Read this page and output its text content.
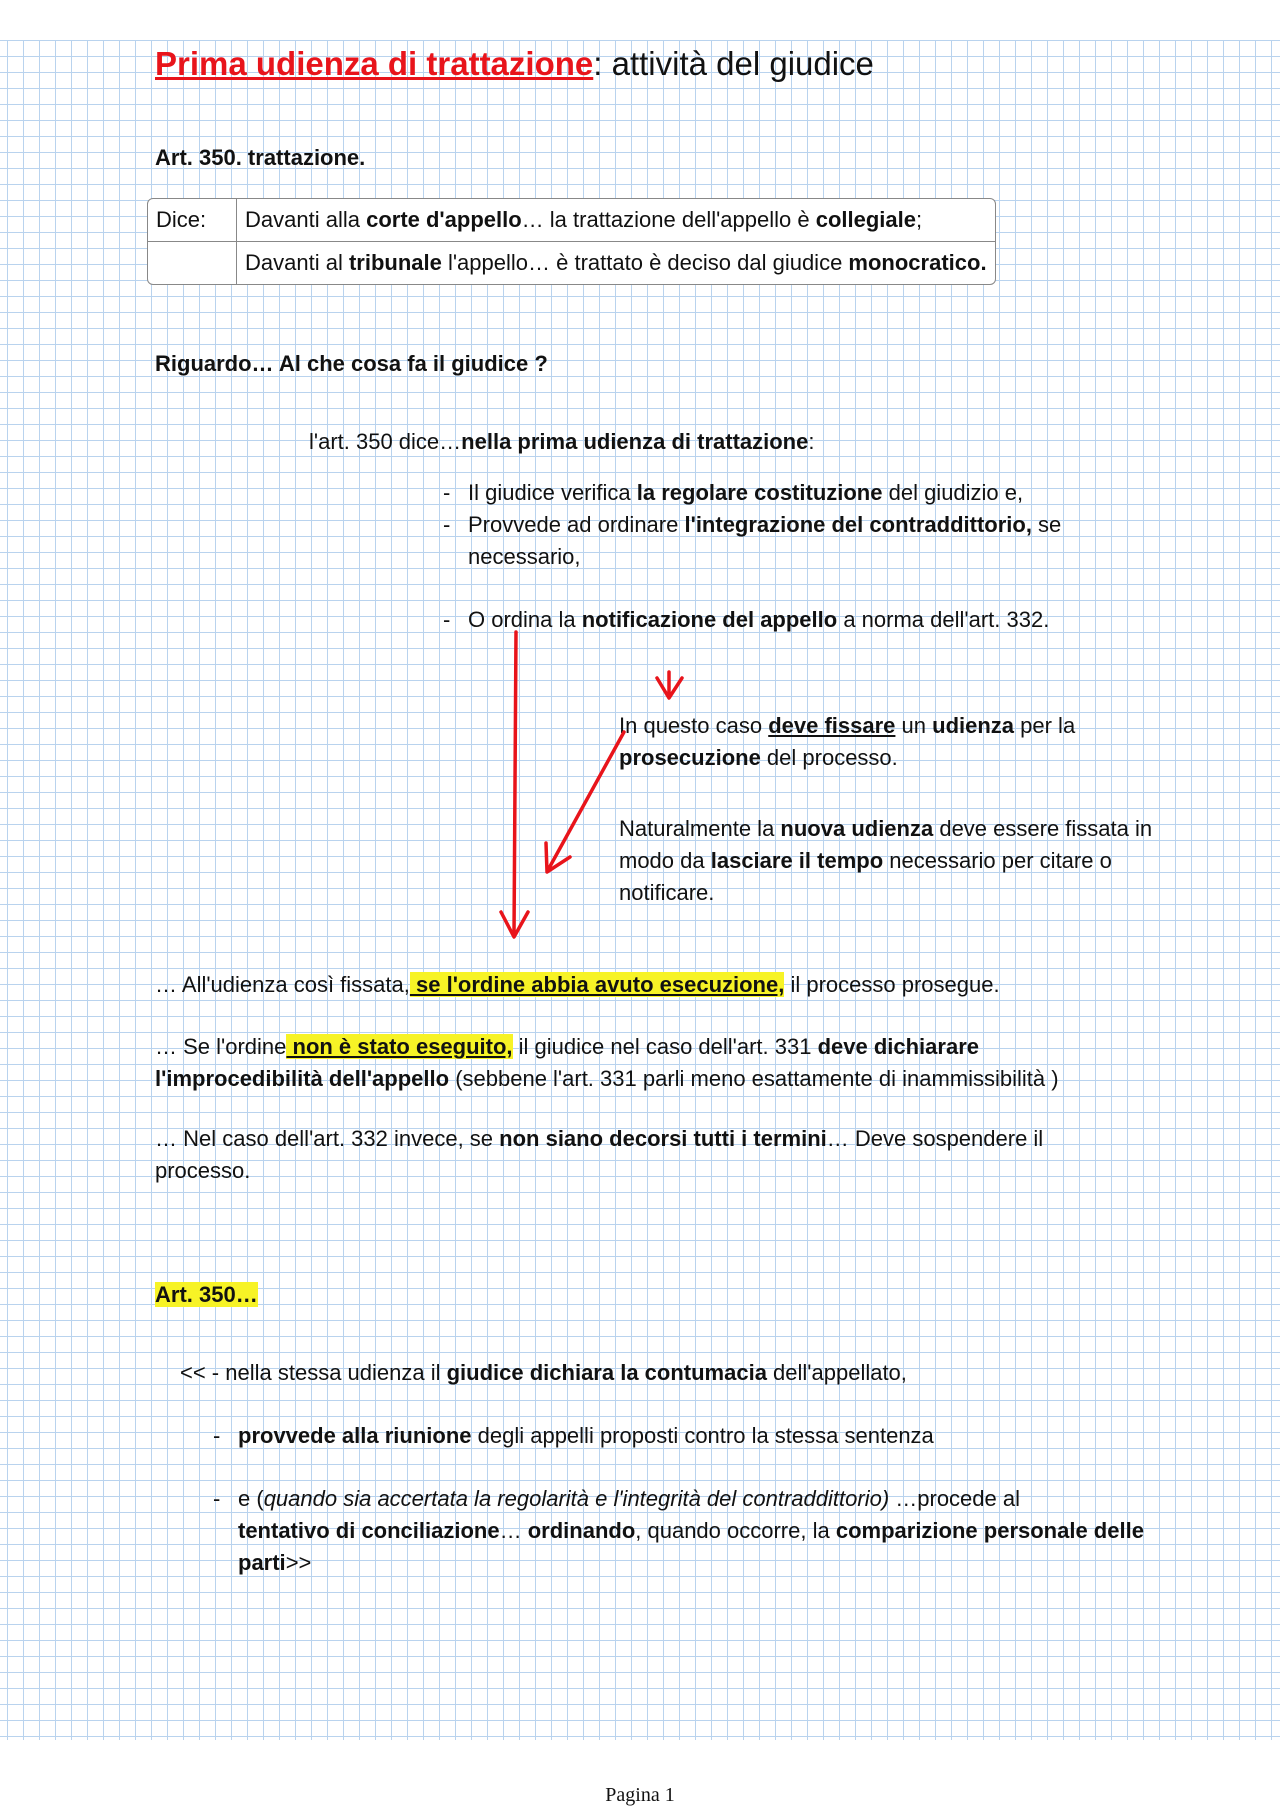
Prima udienza di trattazione: attività del giudice
Art. 350. trattazione.
Dice:	Davanti alla corte d'appello… la trattazione dell'appello è collegiale;
	Davanti al tribunale l'appello… è trattato è deciso dal giudice monocratico.
Riguardo… Al che cosa fa il giudice ?
l'art. 350 dice…nella prima udienza di trattazione:
- Il giudice verifica la regolare costituzione del giudizio e,
- Provvede ad ordinare l'integrazione del contraddittorio, se
necessario,
- O ordina la notificazione del appello a norma dell'art. 332.
In questo caso deve fissare un udienza per la
prosecuzione del processo.
Naturalmente la nuova udienza deve essere fissata in
modo da lasciare il tempo necessario per citare o
notificare.
… All'udienza così fissata, se l'ordine abbia avuto esecuzione, il processo prosegue.
… Se l'ordine non è stato eseguito, il giudice nel caso dell'art. 331 deve dichiarare
l'improcedibilità dell'appello (sebbene l'art. 331 parli meno esattamente di inammissibilità )
… Nel caso dell'art. 332 invece, se non siano decorsi tutti i termini… Deve sospendere il
processo.
Art. 350…
<< - nella stessa udienza il giudice dichiara la contumacia dell'appellato,
- provvede alla riunione degli appelli proposti contro la stessa sentenza
- e (quando sia accertata la regolarità e l'integrità del contraddittorio) …procede al
tentativo di conciliazione… ordinando, quando occorre, la comparizione personale delle
parti>>
Pagina 1
